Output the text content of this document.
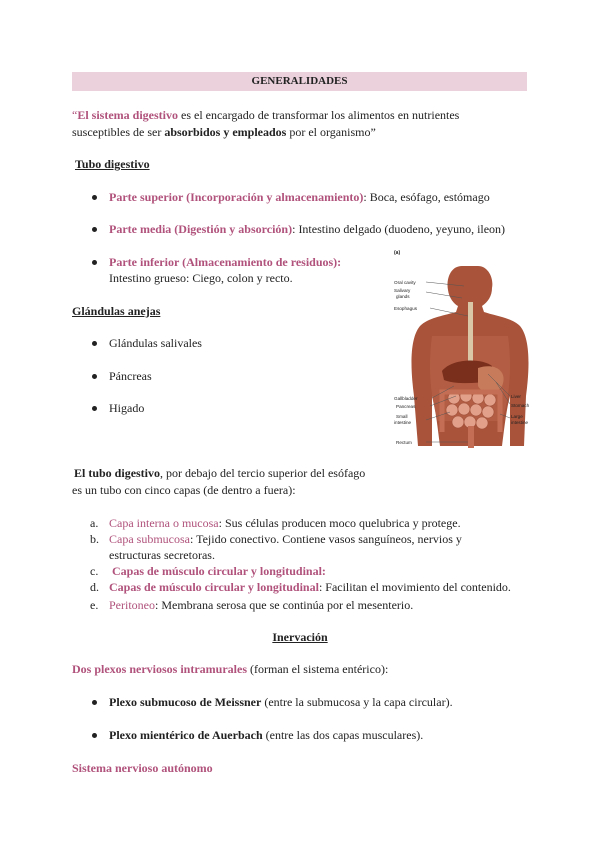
GENERALIDADES
“El sistema digestivo es el encargado de transformar los alimentos en nutrientes
susceptibles de ser absorbidos y empleados por el organismo”
Tubo digestivo
Parte superior (Incorporación y almacenamiento): Boca, esófago, estómago
Parte media (Digestión y absorción): Intestino delgado (duodeno, yeyuno, ileon)
Parte inferior (Almacenamiento de residuos):
Intestino grueso: Ciego, colon y recto.
Glándulas anejas
Glándulas salivales
Páncreas
Higado
(a)
Oral cavity
Salivary
glands
Esophagus
Gallbladder
Pancreas
Small
intestine
Rectum
Liver
Stomach
Large
intestine
El tubo digestivo, por debajo del tercio superior del esófago
es un tubo con cinco capas (de dentro a fuera):
a. Capa interna o mucosa: Sus células producen moco quelubrica y protege.
b. Capa submucosa: Tejido conectivo. Contiene vasos sanguíneos, nervios y
estructuras secretoras.
c.	Capas de músculo circular y longitudinal:
d. Capas de músculo circular y longitudinal: Facilitan el movimiento del contenido.
e. Peritoneo: Membrana serosa que se continúa por el mesenterio.
Inervación
Dos plexos nerviosos intramurales (forman el sistema entérico):
Plexo submucoso de Meissner (entre la submucosa y la capa circular).
Plexo mientérico de Auerbach (entre las dos capas musculares).
Sistema nervioso autónomo
